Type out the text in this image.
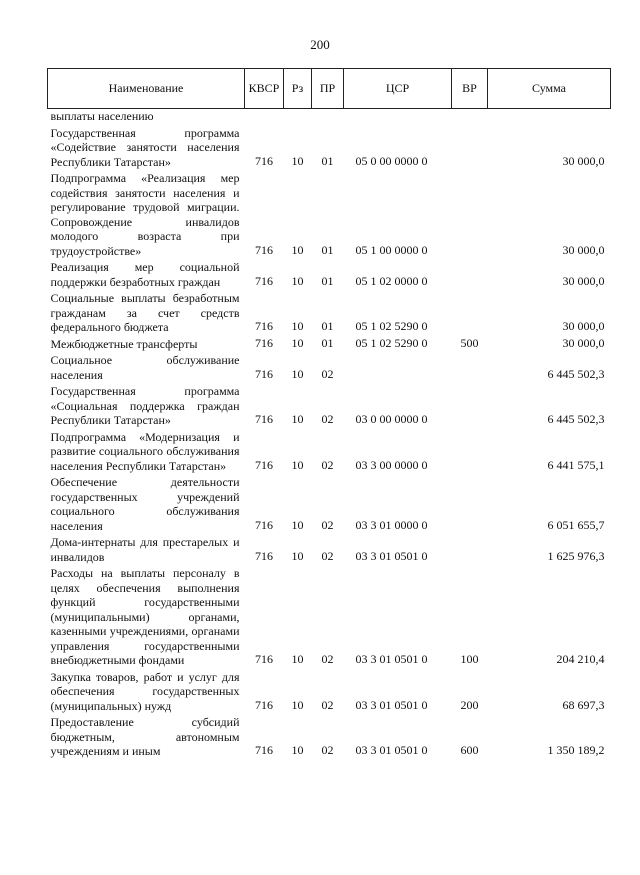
200
Наименование	КВСР	Рз	ПР	ЦСР	ВР	Сумма
выплаты населению						
Государственная программа «Содействие занятости населения Республики Татарстан»	716	10	01	05 0 00 0000 0		30 000,0
Подпрограмма «Реализация мер содействия занятости населения и регулирование трудовой миграции. Сопровождение инвалидов молодого возраста при трудоустройстве»	716	10	01	05 1 00 0000 0		30 000,0
Реализация мер социальной поддержки безработных граждан	716	10	01	05 1 02 0000 0		30 000,0
Социальные выплаты безработным гражданам за счет средств федерального бюджета	716	10	01	05 1 02 5290 0		30 000,0
Межбюджетные трансферты	716	10	01	05 1 02 5290 0	500	30 000,0
Социальное обслуживание населения	716	10	02			6 445 502,3
Государственная программа «Социальная поддержка граждан Республики Татарстан»	716	10	02	03 0 00 0000 0		6 445 502,3
Подпрограмма «Модернизация и развитие социального обслуживания населения Республики Татарстан»	716	10	02	03 3 00 0000 0		6 441 575,1
Обеспечение деятельности государственных учреждений социального обслуживания населения	716	10	02	03 3 01 0000 0		6 051 655,7
Дома-интернаты для престарелых и инвалидов	716	10	02	03 3 01 0501 0		1 625 976,3
Расходы на выплаты персоналу в целях обеспечения выполнения функций государственными (муниципальными) органами, казенными учреждениями, органами управления государственными внебюджетными фондами	716	10	02	03 3 01 0501 0	100	204 210,4
Закупка товаров, работ и услуг для обеспечения государственных (муниципальных) нужд	716	10	02	03 3 01 0501 0	200	68 697,3
Предоставление субсидий бюджетным, автономным учреждениям и иным	716	10	02	03 3 01 0501 0	600	1 350 189,2
